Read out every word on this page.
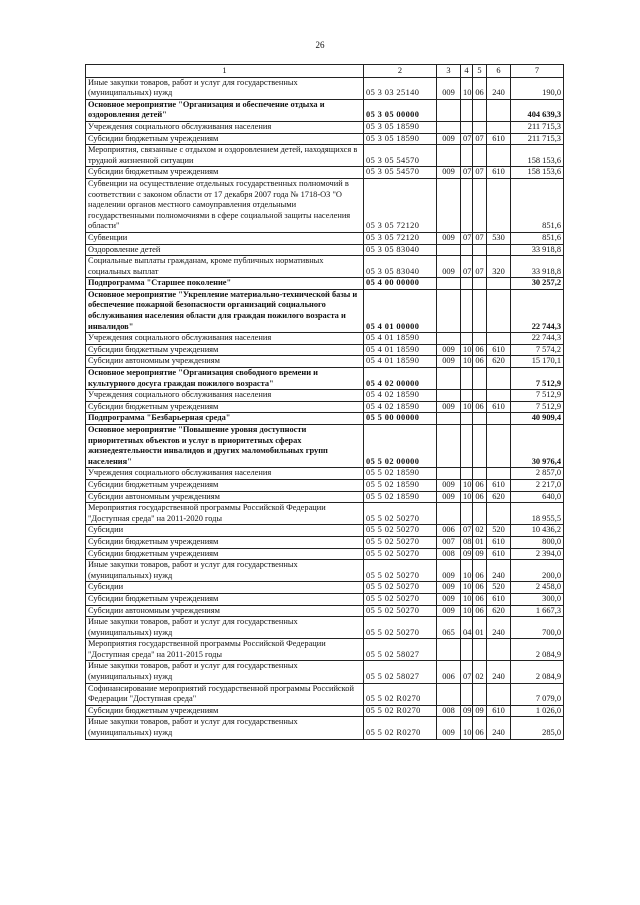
26
1	2	3	4	5	6	7
Иные закупки товаров, работ и услуг для государственных (муниципальных) нужд	05 3 03 25140	009	10	06	240	190,0
Основное мероприятие "Организация и обеспечение отдыха и оздоровления детей"	05 3 05 00000					404 639,3
Учреждения социального обслуживания населения	05 3 05 18590					211 715,3
Субсидии бюджетным учреждениям	05 3 05 18590	009	07	07	610	211 715,3
Мероприятия, связанные с отдыхом и оздоровлением детей, находящихся в трудной жизненной ситуации	05 3 05 54570					158 153,6
Субсидии бюджетным учреждениям	05 3 05 54570	009	07	07	610	158 153,6
Субвенции на осуществление отдельных государственных полномочий в соответствии с законом области от 17 декабря 2007 года № 1718-ОЗ "О наделении органов местного самоуправления отдельными государственными полномочиями в сфере социальной защиты населения области"	05 3 05 72120					851,6
Субвенции	05 3 05 72120	009	07	07	530	851,6
Оздоровление детей	05 3 05 83040					33 918,8
Социальные выплаты гражданам, кроме публичных нормативных социальных выплат	05 3 05 83040	009	07	07	320	33 918,8
Подпрограмма "Старшее поколение"	05 4 00 00000					30 257,2
Основное мероприятие "Укрепление материально-технической базы и обеспечение пожарной безопасности организаций социального обслуживания населения области для граждан пожилого возраста и инвалидов"	05 4 01 00000					22 744,3
Учреждения социального обслуживания населения	05 4 01 18590					22 744,3
Субсидии бюджетным учреждениям	05 4 01 18590	009	10	06	610	7 574,2
Субсидии автономным учреждениям	05 4 01 18590	009	10	06	620	15 170,1
Основное мероприятие "Организация свободного времени и культурного досуга граждан пожилого возраста"	05 4 02 00000					7 512,9
Учреждения социального обслуживания населения	05 4 02 18590					7 512,9
Субсидии бюджетным учреждениям	05 4 02 18590	009	10	06	610	7 512,9
Подпрограмма "Безбарьерная среда"	05 5 00 00000					40 909,4
Основное мероприятие "Повышение уровня доступности приоритетных объектов и услуг в приоритетных сферах жизнедеятельности инвалидов и других маломобильных групп населения"	05 5 02 00000					30 976,4
Учреждения социального обслуживания населения	05 5 02 18590					2 857,0
Субсидии бюджетным учреждениям	05 5 02 18590	009	10	06	610	2 217,0
Субсидии автономным учреждениям	05 5 02 18590	009	10	06	620	640,0
Мероприятия государственной программы Российской Федерации "Доступная среда" на 2011-2020 годы	05 5 02 50270					18 955,5
Субсидии	05 5 02 50270	006	07	02	520	10 436,2
Субсидии бюджетным учреждениям	05 5 02 50270	007	08	01	610	800,0
Субсидии бюджетным учреждениям	05 5 02 50270	008	09	09	610	2 394,0
Иные закупки товаров, работ и услуг для государственных (муниципальных) нужд	05 5 02 50270	009	10	06	240	200,0
Субсидии	05 5 02 50270	009	10	06	520	2 458,0
Субсидии бюджетным учреждениям	05 5 02 50270	009	10	06	610	300,0
Субсидии автономным учреждениям	05 5 02 50270	009	10	06	620	1 667,3
Иные закупки товаров, работ и услуг для государственных (муниципальных) нужд	05 5 02 50270	065	04	01	240	700,0
Мероприятия государственной программы Российской Федерации "Доступная среда" на 2011-2015 годы	05 5 02 58027					2 084,9
Иные закупки товаров, работ и услуг для государственных (муниципальных) нужд	05 5 02 58027	006	07	02	240	2 084,9
Софинансирование мероприятий государственной программы Российской Федерации "Доступная среда"	05 5 02 R0270					7 079,0
Субсидии бюджетным учреждениям	05 5 02 R0270	008	09	09	610	1 026,0
Иные закупки товаров, работ и услуг для государственных (муниципальных) нужд	05 5 02 R0270	009	10	06	240	285,0
